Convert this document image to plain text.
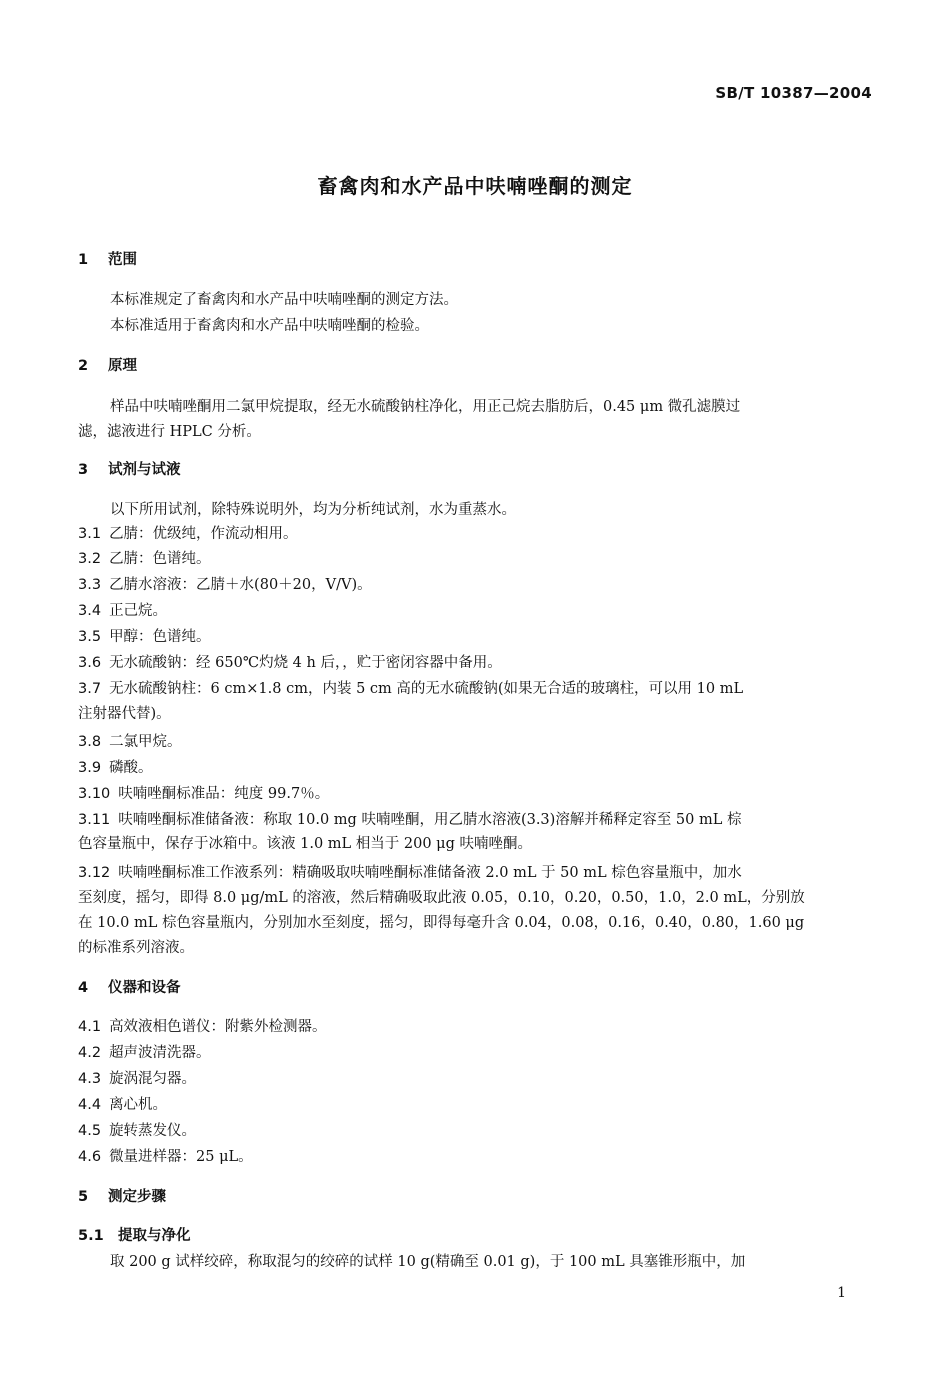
SB/T 10387—2004
畜禽肉和水产品中呋喃唑酮的测定
1 范围
本标准规定了畜禽肉和水产品中呋喃唑酮的测定方法。
本标准适用于畜禽肉和水产品中呋喃唑酮的检验。
2 原理
样品中呋喃唑酮用二氯甲烷提取，经无水硫酸钠柱净化，用正己烷去脂肪后，0.45 μm 微孔滤膜过
滤，滤液进行 HPLC 分析。
3 试剂与试液
以下所用试剂，除特殊说明外，均为分析纯试剂，水为重蒸水。
3.1 乙腈：优级纯，作流动相用。
3.2 乙腈：色谱纯。
3.3 乙腈水溶液：乙腈＋水(80＋20，V/V)。
3.4 正己烷。
3.5 甲醇：色谱纯。
3.6 无水硫酸钠：经 650℃灼烧 4 h 后，，贮于密闭容器中备用。
3.7 无水硫酸钠柱：6 cm×1.8 cm，内装 5 cm 高的无水硫酸钠(如果无合适的玻璃柱，可以用 10 mL
注射器代替)。
3.8 二氯甲烷。
3.9 磷酸。
3.10 呋喃唑酮标准品：纯度 99.7％。
3.11 呋喃唑酮标准储备液：称取 10.0 mg 呋喃唑酮，用乙腈水溶液(3.3)溶解并稀释定容至 50 mL 棕
色容量瓶中，保存于冰箱中。该液 1.0 mL 相当于 200 μg 呋喃唑酮。
3.12 呋喃唑酮标准工作液系列：精确吸取呋喃唑酮标准储备液 2.0 mL 于 50 mL 棕色容量瓶中，加水
至刻度，摇匀，即得 8.0 μg/mL 的溶液，然后精确吸取此液 0.05，0.10，0.20，0.50，1.0，2.0 mL，分别放
在 10.0 mL 棕色容量瓶内，分别加水至刻度，摇匀，即得每毫升含 0.04，0.08，0.16，0.40，0.80，1.60 μg
的标准系列溶液。
4 仪器和设备
4.1 高效液相色谱仪：附紫外检测器。
4.2 超声波清洗器。
4.3 旋涡混匀器。
4.4 离心机。
4.5 旋转蒸发仪。
4.6 微量进样器：25 μL。
5 测定步骤
5.1 提取与净化
取 200 g 试样绞碎，称取混匀的绞碎的试样 10 g(精确至 0.01 g)，于 100 mL 具塞锥形瓶中，加
1
